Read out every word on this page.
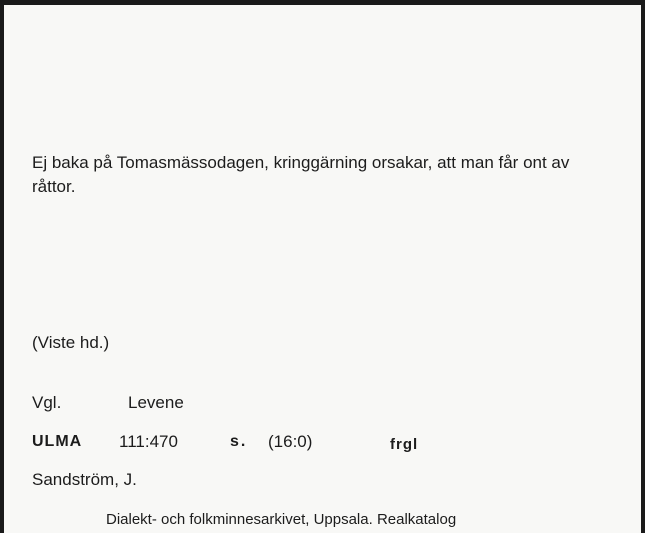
Ej baka på Tomasmässodagen, kringgärning orsakar, att man får ont av råttor.
(Viste hd.)
Vgl.	Levene
ULMA 111:470	s. (16:0)	frgl
Sandström, J.
Dialekt- och folkminnesarkivet, Uppsala. Realkatalog
